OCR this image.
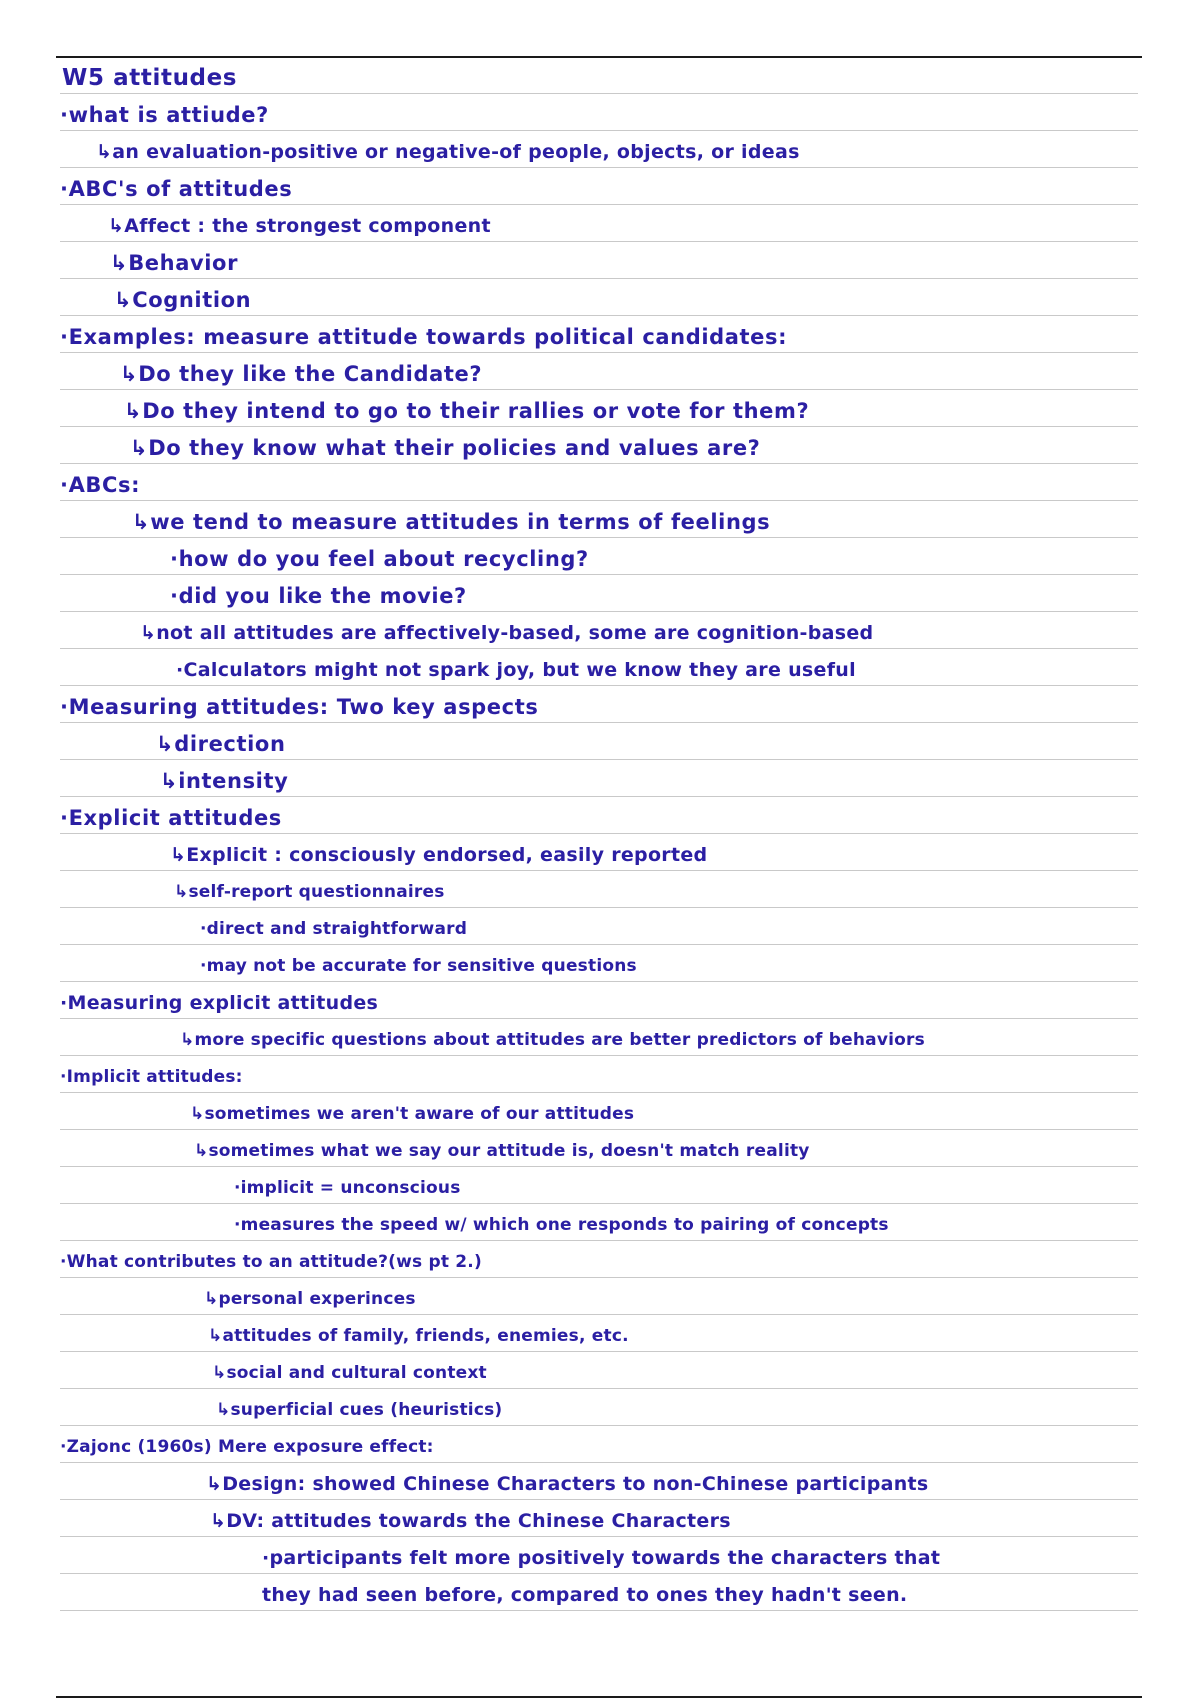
W5 attitudes
·what is attiude?
↳an evaluation-positive or negative-of people, objects, or ideas
·ABC's of attitudes
↳Affect : the strongest component
↳Behavior
↳Cognition
·Examples: measure attitude towards political candidates:
↳Do they like the Candidate?
↳Do they intend to go to their rallies or vote for them?
↳Do they know what their policies and values are?
·ABCs:
↳we tend to measure attitudes in terms of feelings
·how do you feel about recycling?
·did you like the movie?
↳not all attitudes are affectively-based, some are cognition-based
·Calculators might not spark joy, but we know they are useful
·Measuring attitudes: Two key aspects
↳direction
↳intensity
·Explicit attitudes
↳Explicit : consciously endorsed, easily reported
↳self-report questionnaires
·direct and straightforward
·may not be accurate for sensitive questions
·Measuring explicit attitudes
↳more specific questions about attitudes are better predictors of behaviors
·Implicit attitudes:
↳sometimes we aren't aware of our attitudes
↳sometimes what we say our attitude is, doesn't match reality
·implicit = unconscious
·measures the speed w/ which one responds to pairing of concepts
·What contributes to an attitude?(ws pt 2.)
↳personal experinces
↳attitudes of family, friends, enemies, etc.
↳social and cultural context
↳superficial cues (heuristics)
·Zajonc (1960s) Mere exposure effect:
↳Design: showed Chinese Characters to non-Chinese participants
↳DV: attitudes towards the Chinese Characters
·participants felt more positively towards the characters that
they had seen before, compared to ones they hadn't seen.
